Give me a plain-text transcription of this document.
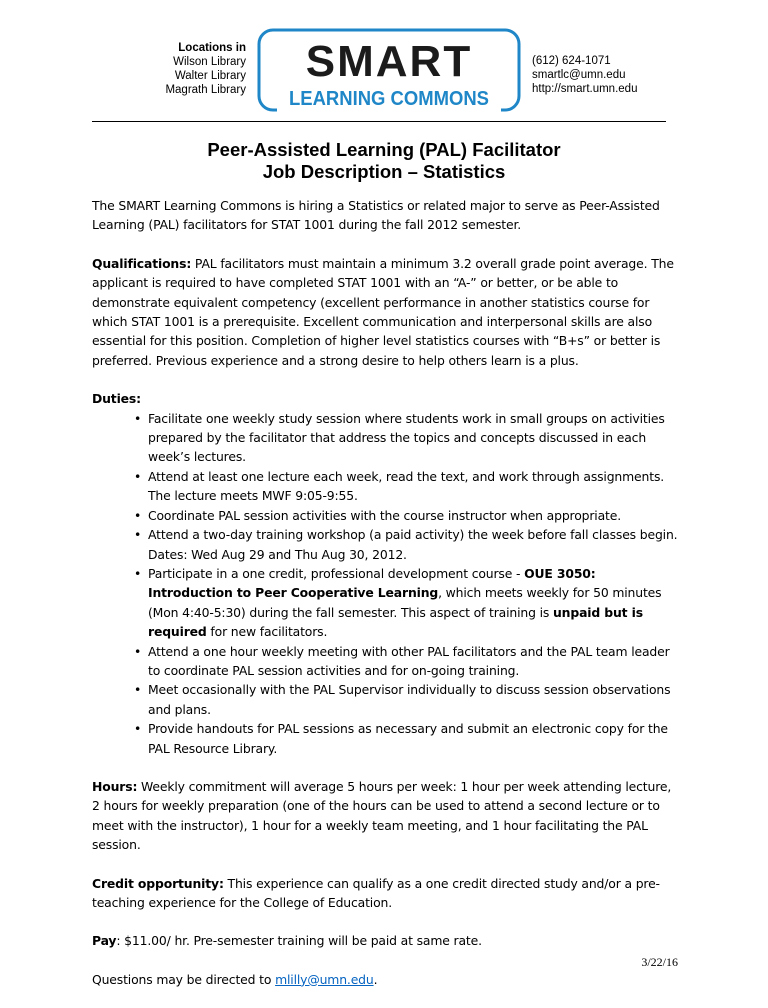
Locations in
Wilson Library
Walter Library
Magrath Library
SMART
LEARNING COMMONS
(612) 624-1071
smartlc@umn.edu
http://smart.umn.edu
Peer-Assisted Learning (PAL) Facilitator
Job Description – Statistics

The SMART Learning Commons is hiring a Statistics or related major to serve as Peer-Assisted Learning (PAL) facilitators for STAT 1001 during the fall 2012 semester.

Qualifications: PAL facilitators must maintain a minimum 3.2 overall grade point average. The applicant is required to have completed STAT 1001 with an “A-” or better, or be able to demonstrate equivalent competency (excellent performance in another statistics course for which STAT 1001 is a prerequisite. Excellent communication and interpersonal skills are also essential for this position. Completion of higher level statistics courses with “B+s” or better is preferred. Previous experience and a strong desire to help others learn is a plus.

Duties:
• Facilitate one weekly study session where students work in small groups on activities prepared by the facilitator that address the topics and concepts discussed in each week’s lectures.
• Attend at least one lecture each week, read the text, and work through assignments. The lecture meets MWF 9:05-9:55.
• Coordinate PAL session activities with the course instructor when appropriate.
• Attend a two-day training workshop (a paid activity) the week before fall classes begin. Dates: Wed Aug 29 and Thu Aug 30, 2012.
• Participate in a one credit, professional development course - OUE 3050: Introduction to Peer Cooperative Learning, which meets weekly for 50 minutes (Mon 4:40-5:30) during the fall semester. This aspect of training is unpaid but is required for new facilitators.
• Attend a one hour weekly meeting with other PAL facilitators and the PAL team leader to coordinate PAL session activities and for on-going training.
• Meet occasionally with the PAL Supervisor individually to discuss session observations and plans.
• Provide handouts for PAL sessions as necessary and submit an electronic copy for the PAL Resource Library.

Hours: Weekly commitment will average 5 hours per week: 1 hour per week attending lecture, 2 hours for weekly preparation (one of the hours can be used to attend a second lecture or to meet with the instructor), 1 hour for a weekly team meeting, and 1 hour facilitating the PAL session.

Credit opportunity: This experience can qualify as a one credit directed study and/or a pre-teaching experience for the College of Education.

Pay: $11.00/ hr. Pre-semester training will be paid at same rate.

Questions may be directed to mlilly@umn.edu.

3/22/16
